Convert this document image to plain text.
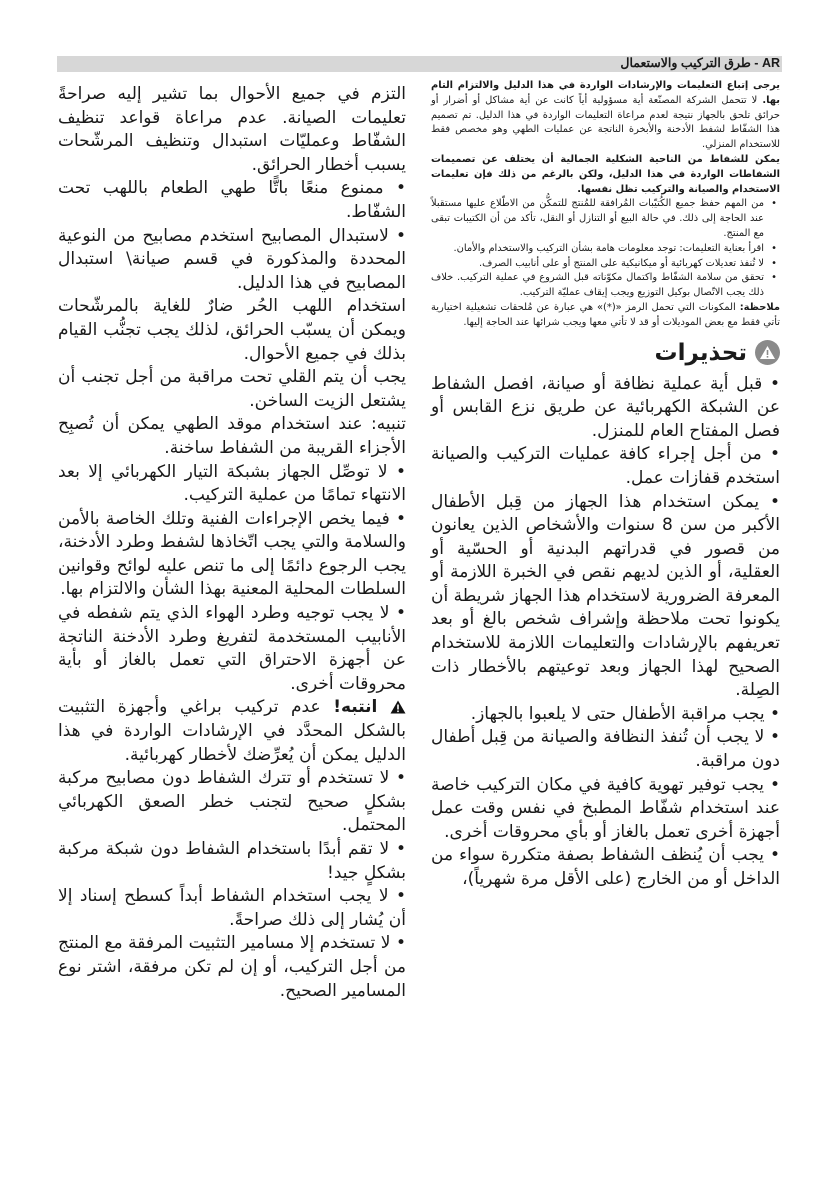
AR - طرق التركيب والاستعمال

يرجى إتباع التعليمات والإرشادات الواردة في هذا الدليل والالتزام التام بها. لا تتحمل الشركة المصنّعة أية مسؤولية أياً كانت عن أية مشاكل أو أضرار أو حرائق تلحق بالجهاز نتيجة لعدم مراعاة التعليمات الواردة في هذا الدليل. تم تصميم هذا الشفّاط لشفط الأدخنة والأبخرة الناتجة عن عمليات الطهي وهو مخصص فقط للاستخدام المنزلي.

يمكن للشفاط من الناحية الشكلية الجمالية أن يختلف عن تصميمات الشفاطات الواردة في هذا الدليل، ولكن بالرغم من ذلك فإن تعليمات الاستخدام والصيانة والتركيب تظل نفسها.

• من المهم حفظ جميع الكُتيّبات المُرافقة للمُنتج للتمكُّن من الاطّلاع عليها مستقبلاً عند الحاجة إلى ذلك. في حالة البيع أو التنازل أو النقل، تأكد من أن الكتيبات تبقى مع المنتج.

• اقرأ بعناية التعليمات: توجد معلومات هامة بشأن التركيب والاستخدام والأمان.

• لا تُنفذ تعديلات كهربائية أو ميكانيكية على المنتج أو على أنابيب الصرف.

• تحقق من سلامة الشفّاط واكتمال مكوّناته قبل الشروع في عملية التركيب. خلاف ذلك يجب الاتّصال بوكيل التوزيع ويجب إيقاف عمليّة التركيب.

ملاحظة: المكونات التي تحمل الرمز «(*)» هي عبارة عن مُلحقات تشغيلية اختيارية تأتي فقط مع بعض الموديلات أو قد لا تأتي معها ويجب شرائها عند الحاجة إليها.

تحذيرات

• قبل أية عملية نظافة أو صيانة، افصل الشفاط عن الشبكة الكهربائية عن طريق نزع القابس أو فصل المفتاح العام للمنزل.

• من أجل إجراء كافة عمليات التركيب والصيانة استخدم قفازات عمل.

• يمكن استخدام هذا الجهاز من قِبل الأطفال الأكبر من سن 8 سنوات والأشخاص الذين يعانون من قصور في قدراتهم البدنية أو الحسّية أو العقلية، أو الذين لديهم نقص في الخبرة اللازمة أو المعرفة الضرورية لاستخدام هذا الجهاز شريطة أن يكونوا تحت ملاحظة وإشراف شخص بالغ أو بعد تعريفهم بالإرشادات والتعليمات اللازمة للاستخدام الصحيح لهذا الجهاز وبعد توعيتهم بالأخطار ذات الصِلة.

• يجب مراقبة الأطفال حتى لا يلعبوا بالجهاز.

• لا يجب أن تُنفذ النظافة والصيانة من قِبل أطفال دون مراقبة.

• يجب توفير تهوية كافية في مكان التركيب خاصة عند استخدام شفّاط المطبخ في نفس وقت عمل أجهزة أخرى تعمل بالغاز أو بأي محروقات أخرى.

• يجب أن يُنظف الشفاط بصفة متكررة سواء من الداخل أو من الخارج (على الأقل مرة شهرياً)،

التزم في جميع الأحوال بما تشير إليه صراحةً تعليمات الصيانة. عدم مراعاة قواعد تنظيف الشفّاط وعمليّات استبدال وتنظيف المرشّحات يسبب أخطار الحرائق.

• ممنوع منعًا باتًّا طهي الطعام باللهب تحت الشفّاط.

• لاستبدال المصابيح استخدم مصابيح من النوعية المحددة والمذكورة في قسم صيانة\ استبدال المصابيح في هذا الدليل.

استخدام اللهب الحُر ضارٌ للغاية بالمرشّحات ويمكن أن يسبّب الحرائق، لذلك يجب تجنُّب القيام بذلك في جميع الأحوال.

يجب أن يتم القلي تحت مراقبة من أجل تجنب أن يشتعل الزيت الساخن.

تنبيه: عند استخدام موقد الطهي يمكن أن تُصبِح الأجزاء القريبة من الشفاط ساخنة.

• لا توصِّل الجهاز بشبكة التيار الكهربائي إلا بعد الانتهاء تمامًا من عملية التركيب.

• فيما يخص الإجراءات الفنية وتلك الخاصة بالأمن والسلامة والتي يجب اتّخاذها لشفط وطرد الأدخنة، يجب الرجوع دائمًا إلى ما تنص عليه لوائح وقوانين السلطات المحلية المعنية بهذا الشأن والالتزام بها.

• لا يجب توجيه وطرد الهواء الذي يتم شفطه في الأنابيب المستخدمة لتفريغ وطرد الأدخنة الناتجة عن أجهزة الاحتراق التي تعمل بالغاز أو بأية محروقات أخرى.

انتبه! عدم تركيب براغي وأجهزة التثبيت بالشكل المحدَّد في الإرشادات الواردة في هذا الدليل يمكن أن يُعرِّضك لأخطار كهربائية.

• لا تستخدم أو تترك الشفاط دون مصابيح مركبة بشكلٍ صحيح لتجنب خطر الصعق الكهربائي المحتمل.

• لا تقم أبدًا باستخدام الشفاط دون شبكة مركبة بشكلٍ جيد!

• لا يجب استخدام الشفاط أبداً كسطح إسناد إلا أن يُشار إلى ذلك صراحةً.

• لا تستخدم إلا مسامير التثبيت المرفقة مع المنتج من أجل التركيب، أو إن لم تكن مرفقة، اشتر نوع المسامير الصحيح.
